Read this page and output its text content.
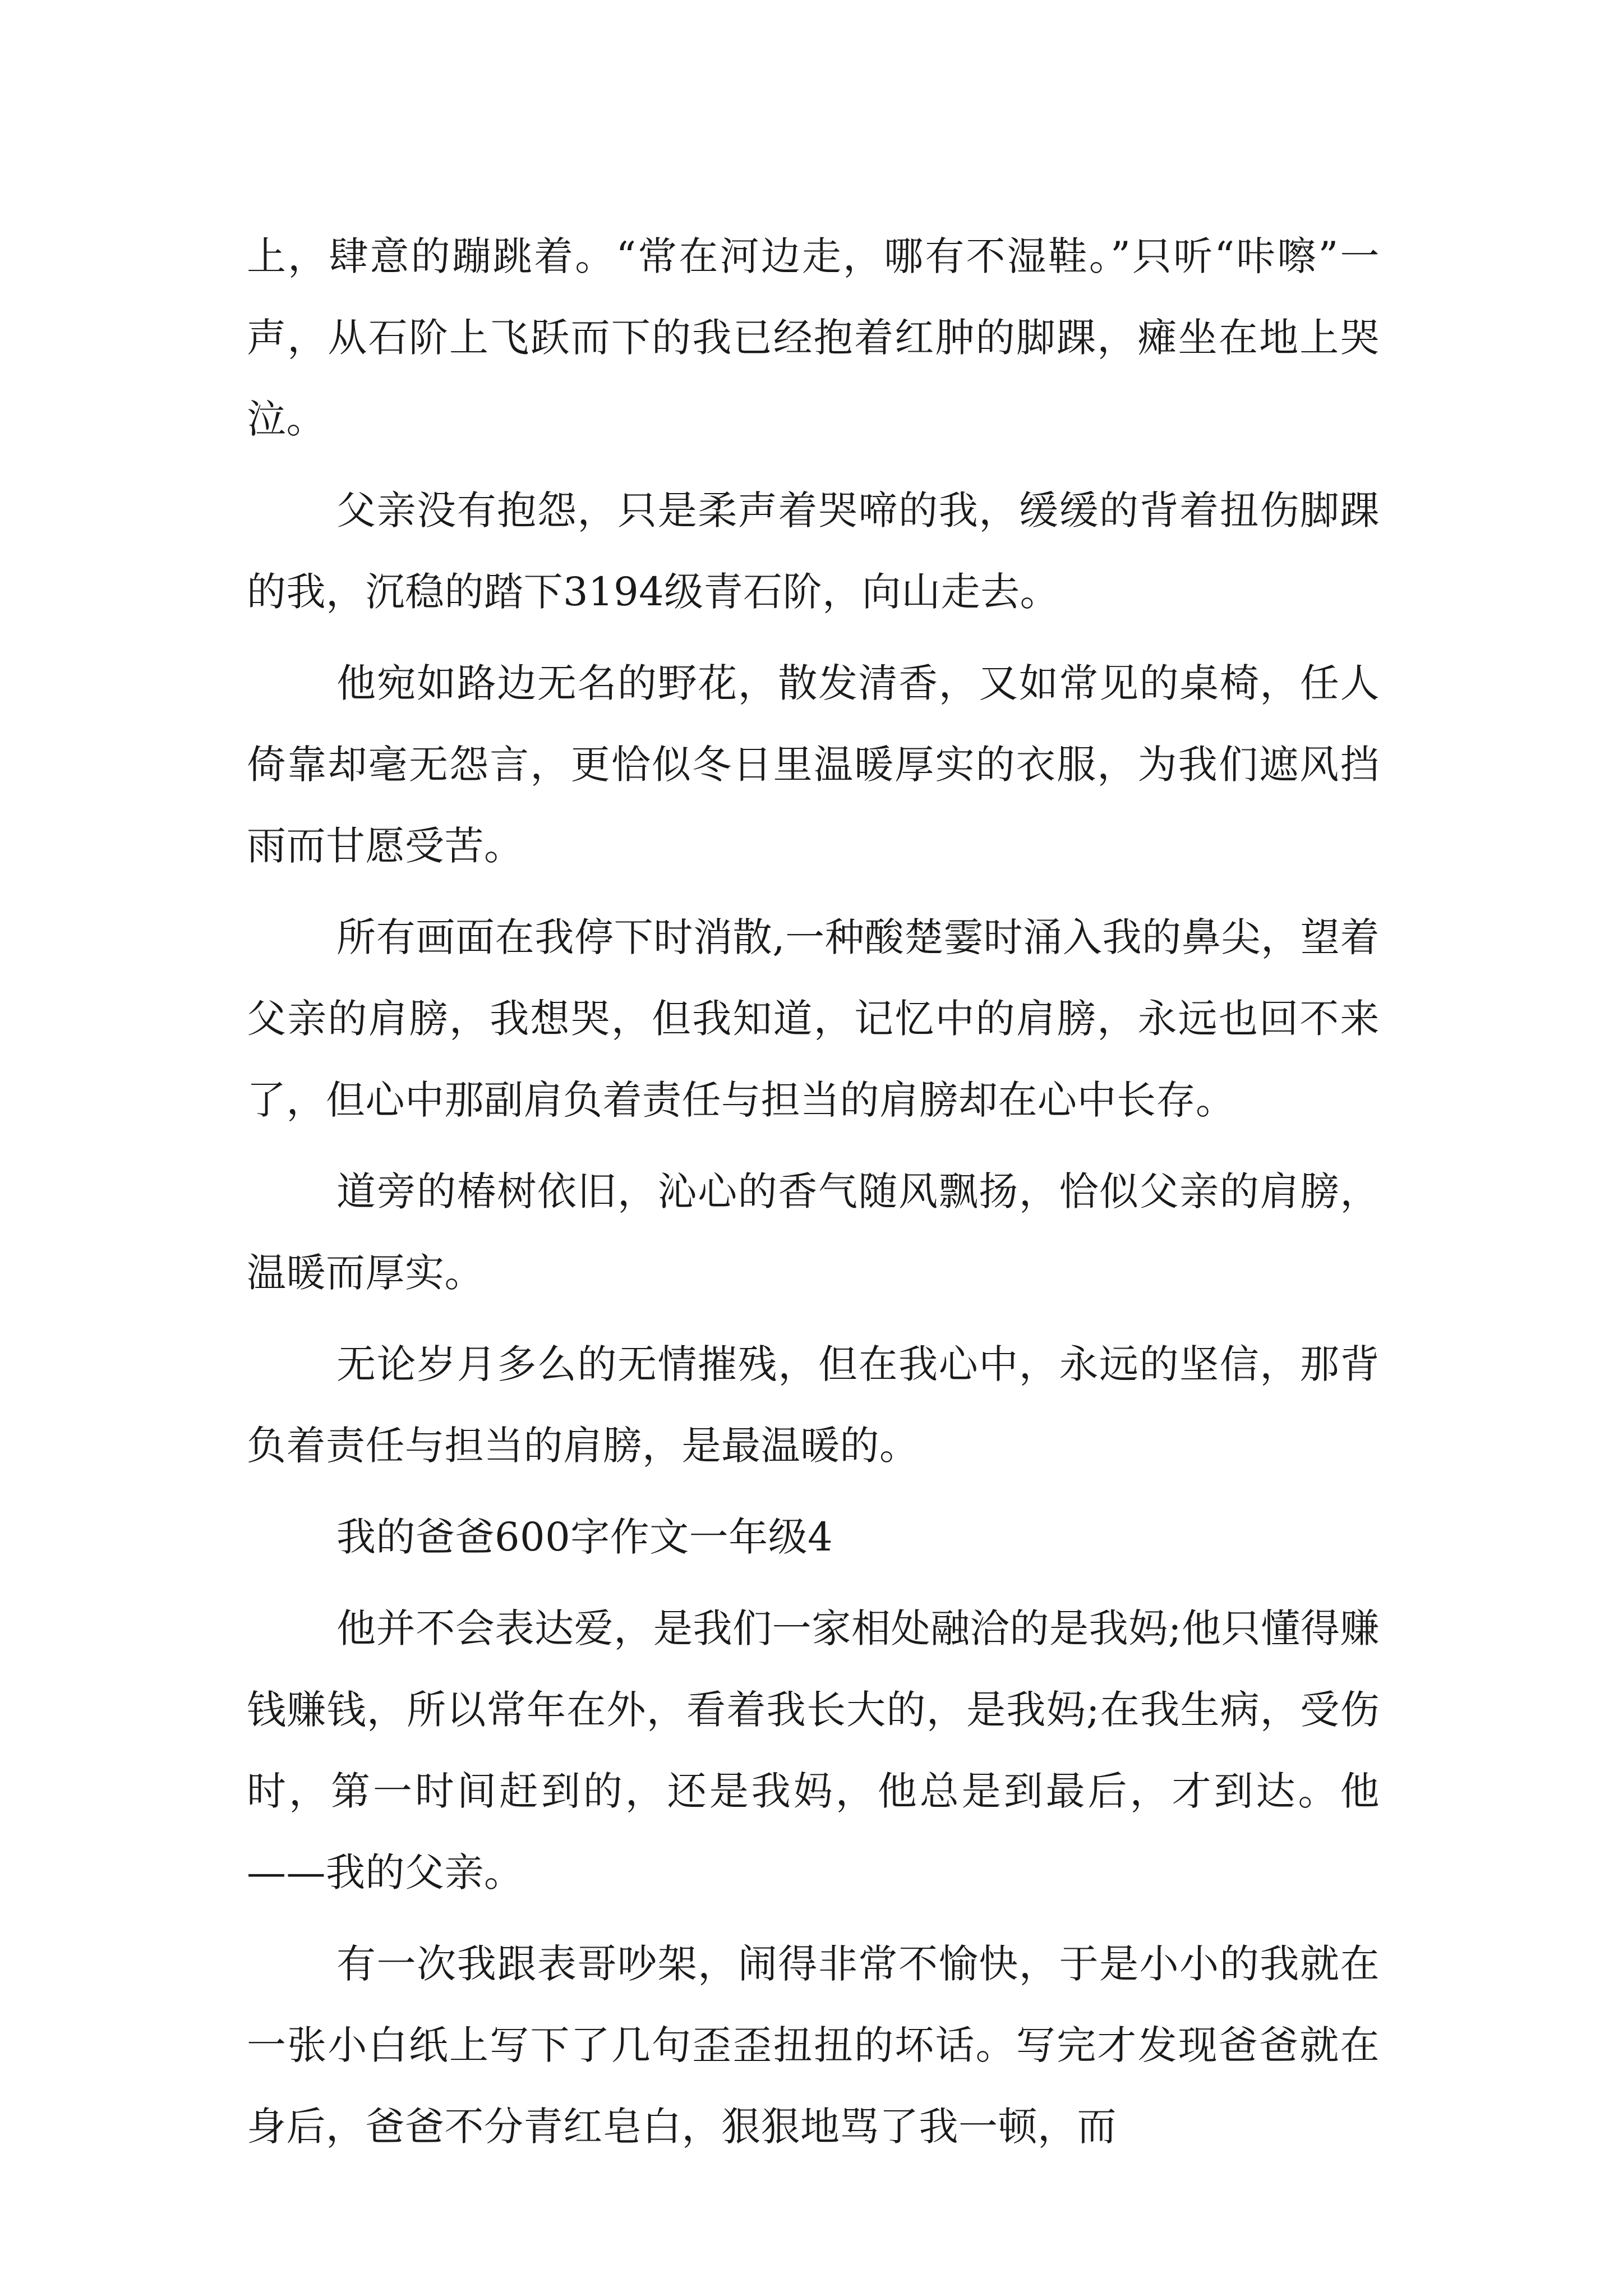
上，肆意的蹦跳着。“常在河边走，哪有不湿鞋。”只听“咔嚓”一声，从石阶上飞跃而下的我已经抱着红肿的脚踝，瘫坐在地上哭泣。

父亲没有抱怨，只是柔声着哭啼的我，缓缓的背着扭伤脚踝的我，沉稳的踏下3194级青石阶，向山走去。

他宛如路边无名的野花，散发清香，又如常见的桌椅，任人倚靠却毫无怨言，更恰似冬日里温暖厚实的衣服，为我们遮风挡雨而甘愿受苦。

所有画面在我停下时消散,一种酸楚霎时涌入我的鼻尖，望着父亲的肩膀，我想哭，但我知道，记忆中的肩膀，永远也回不来了，但心中那副肩负着责任与担当的肩膀却在心中长存。

道旁的椿树依旧，沁心的香气随风飘扬，恰似父亲的肩膀，温暖而厚实。

无论岁月多么的无情摧残，但在我心中，永远的坚信，那背负着责任与担当的肩膀，是最温暖的。

我的爸爸600字作文一年级4

他并不会表达爱，是我们一家相处融洽的是我妈;他只懂得赚钱赚钱，所以常年在外，看着我长大的，是我妈;在我生病，受伤时，第一时间赶到的，还是我妈，他总是到最后，才到达。他——我的父亲。

有一次我跟表哥吵架，闹得非常不愉快，于是小小的我就在一张小白纸上写下了几句歪歪扭扭的坏话。写完才发现爸爸就在身后，爸爸不分青红皂白，狠狠地骂了我一顿，而
